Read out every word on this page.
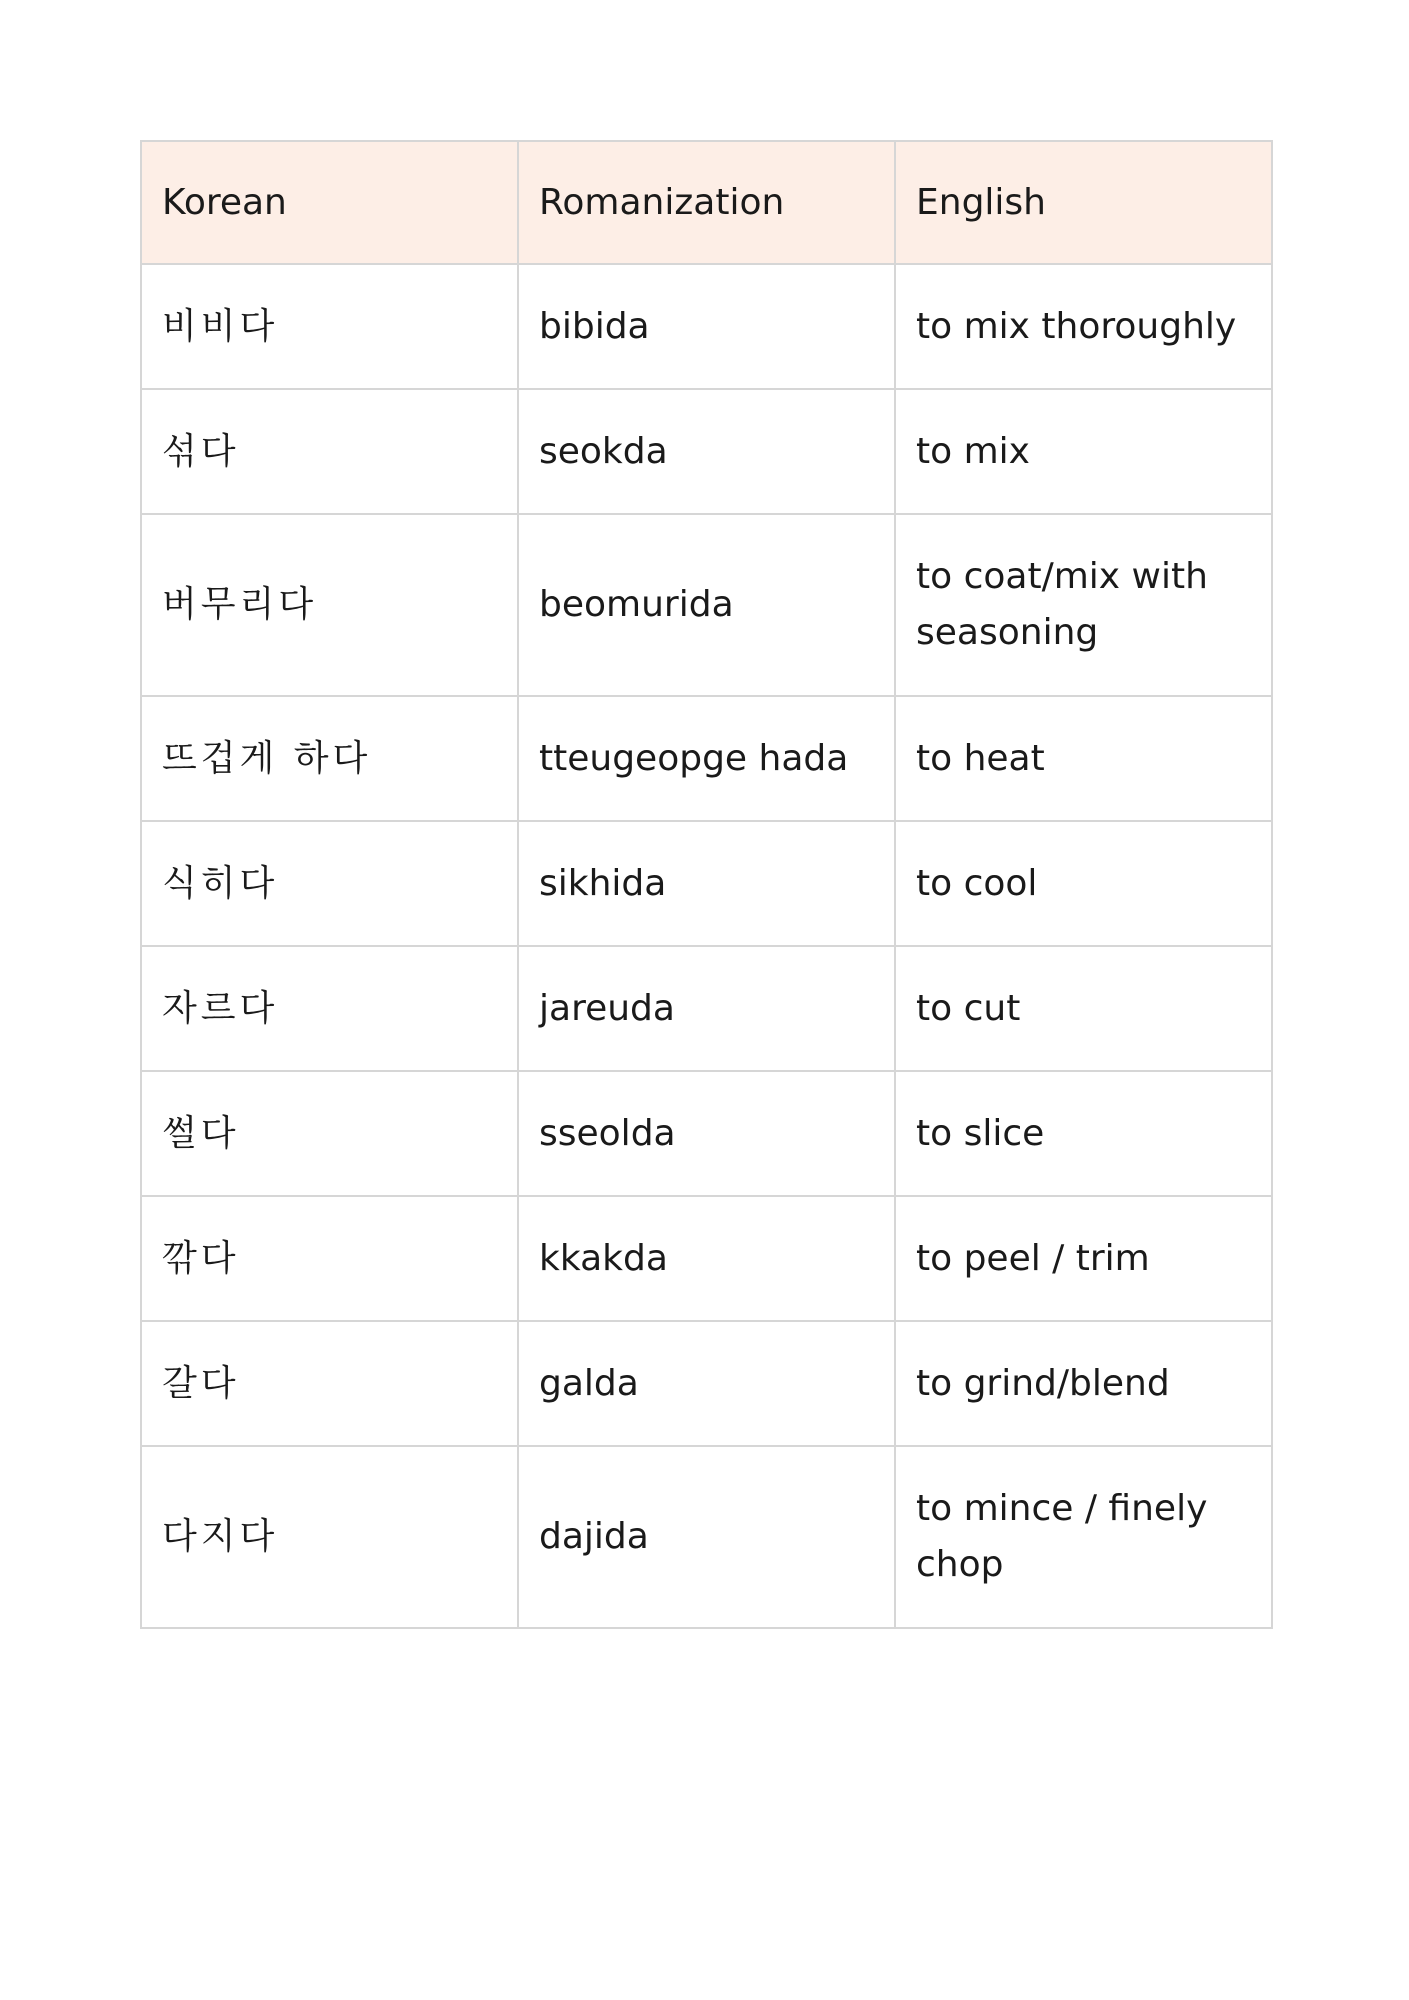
Korean	Romanization	English
비비다	bibida	to mix thoroughly
섞다	seokda	to mix
버무리다	beomurida	to coat/mix with seasoning
뜨겁게 하다	tteugeopge hada	to heat
식히다	sikhida	to cool
자르다	jareuda	to cut
썰다	sseolda	to slice
깎다	kkakda	to peel / trim
갈다	galda	to grind/blend
다지다	dajida	to mince / finely chop
